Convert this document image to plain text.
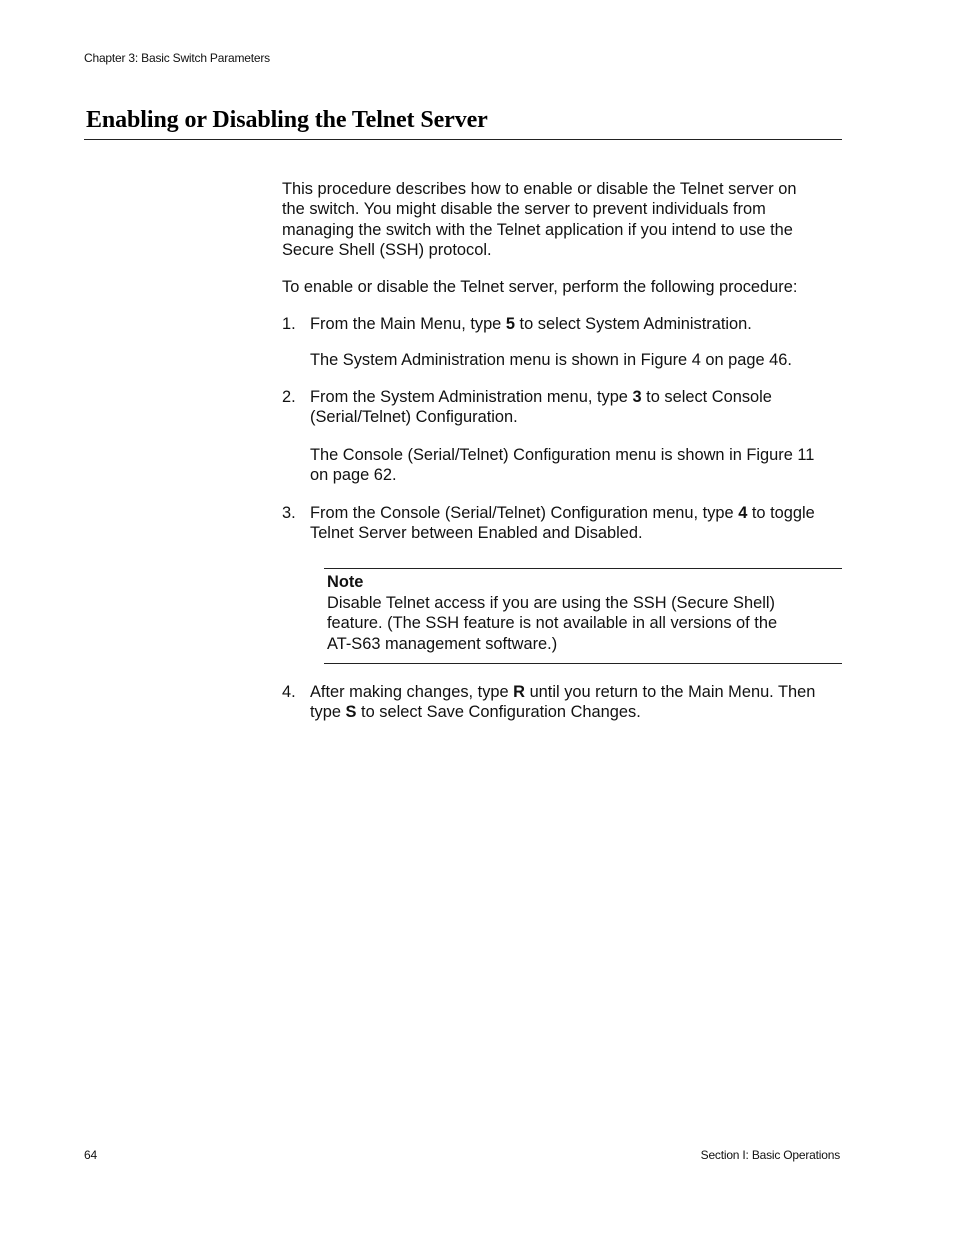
Chapter 3: Basic Switch Parameters
Enabling or Disabling the Telnet Server

This procedure describes how to enable or disable the Telnet server on
the switch. You might disable the server to prevent individuals from
managing the switch with the Telnet application if you intend to use the
Secure Shell (SSH) protocol.

To enable or disable the Telnet server, perform the following procedure:

1. From the Main Menu, type 5 to select System Administration.

The System Administration menu is shown in Figure 4 on page 46.

2. From the System Administration menu, type 3 to select Console
(Serial/Telnet) Configuration.

The Console (Serial/Telnet) Configuration menu is shown in Figure 11
on page 62.

3. From the Console (Serial/Telnet) Configuration menu, type 4 to toggle
Telnet Server between Enabled and Disabled.

Note

Disable Telnet access if you are using the SSH (Secure Shell)
feature. (The SSH feature is not available in all versions of the
AT-S63 management software.)

4. After making changes, type R until you return to the Main Menu. Then
type S to select Save Configuration Changes.

64	Section I: Basic Operations
